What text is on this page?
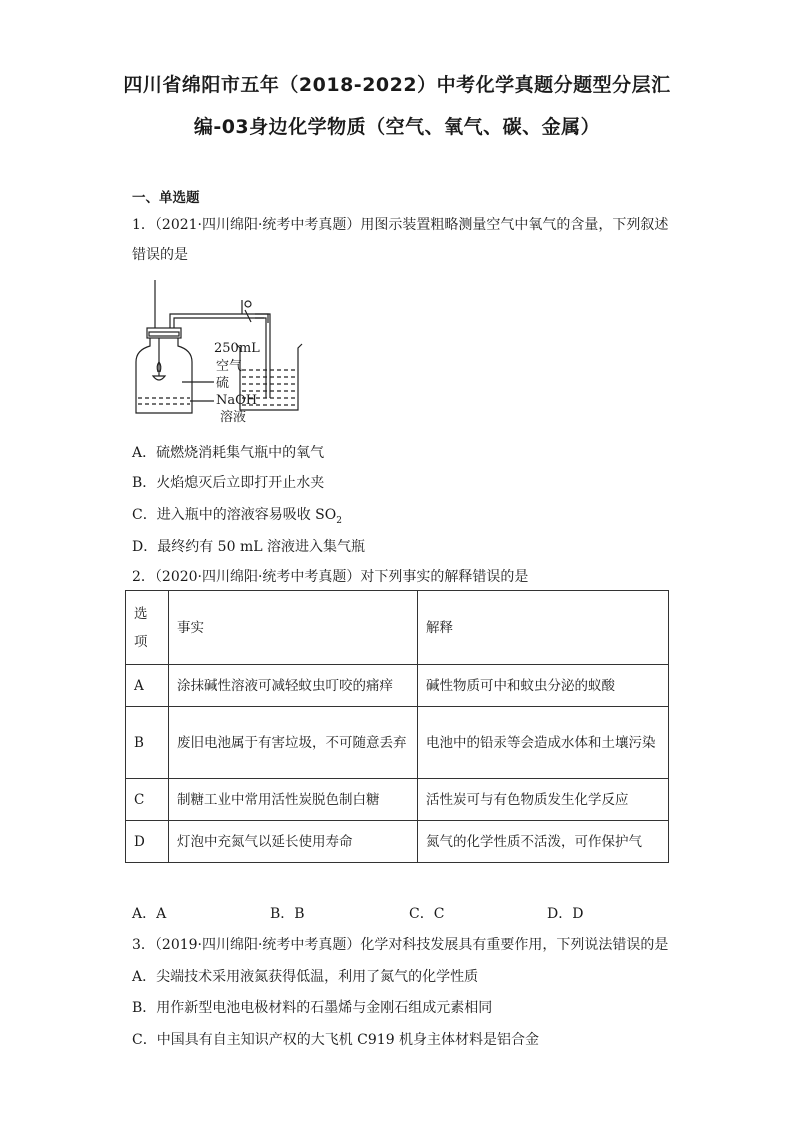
四川省绵阳市五年（2018-2022）中考化学真题分题型分层汇
编-03身边化学物质（空气、氧气、碳、金属）
一、单选题
1．（2021·四川绵阳·统考中考真题）用图示装置粗略测量空气中氧气的含量，下列叙述
错误的是
250mL
空气
硫
NaOH
溶液
A．硫燃烧消耗集气瓶中的氧气
B．火焰熄灭后立即打开止水夹
C．进入瓶中的溶液容易吸收 $SO_2$
D．最终约有 50 mL 溶液进入集气瓶
2．（2020·四川绵阳·统考中考真题）对下列事实的解释错误的是
选项	事实	解释
A	涂抹碱性溶液可减轻蚊虫叮咬的痛痒	碱性物质可中和蚊虫分泌的蚁酸
B	废旧电池属于有害垃圾，不可随意丢弃	电池中的铅汞等会造成水体和土壤污染
C	制糖工业中常用活性炭脱色制白糖	活性炭可与有色物质发生化学反应
D	灯泡中充氮气以延长使用寿命	氮气的化学性质不活泼，可作保护气
A．A	B．B	C．C	D．D
3．（2019·四川绵阳·统考中考真题）化学对科技发展具有重要作用，下列说法错误的是
A．尖端技术采用液氮获得低温，利用了氮气的化学性质
B．用作新型电池电极材料的石墨烯与金刚石组成元素相同
C．中国具有自主知识产权的大飞机 C919 机身主体材料是铝合金
